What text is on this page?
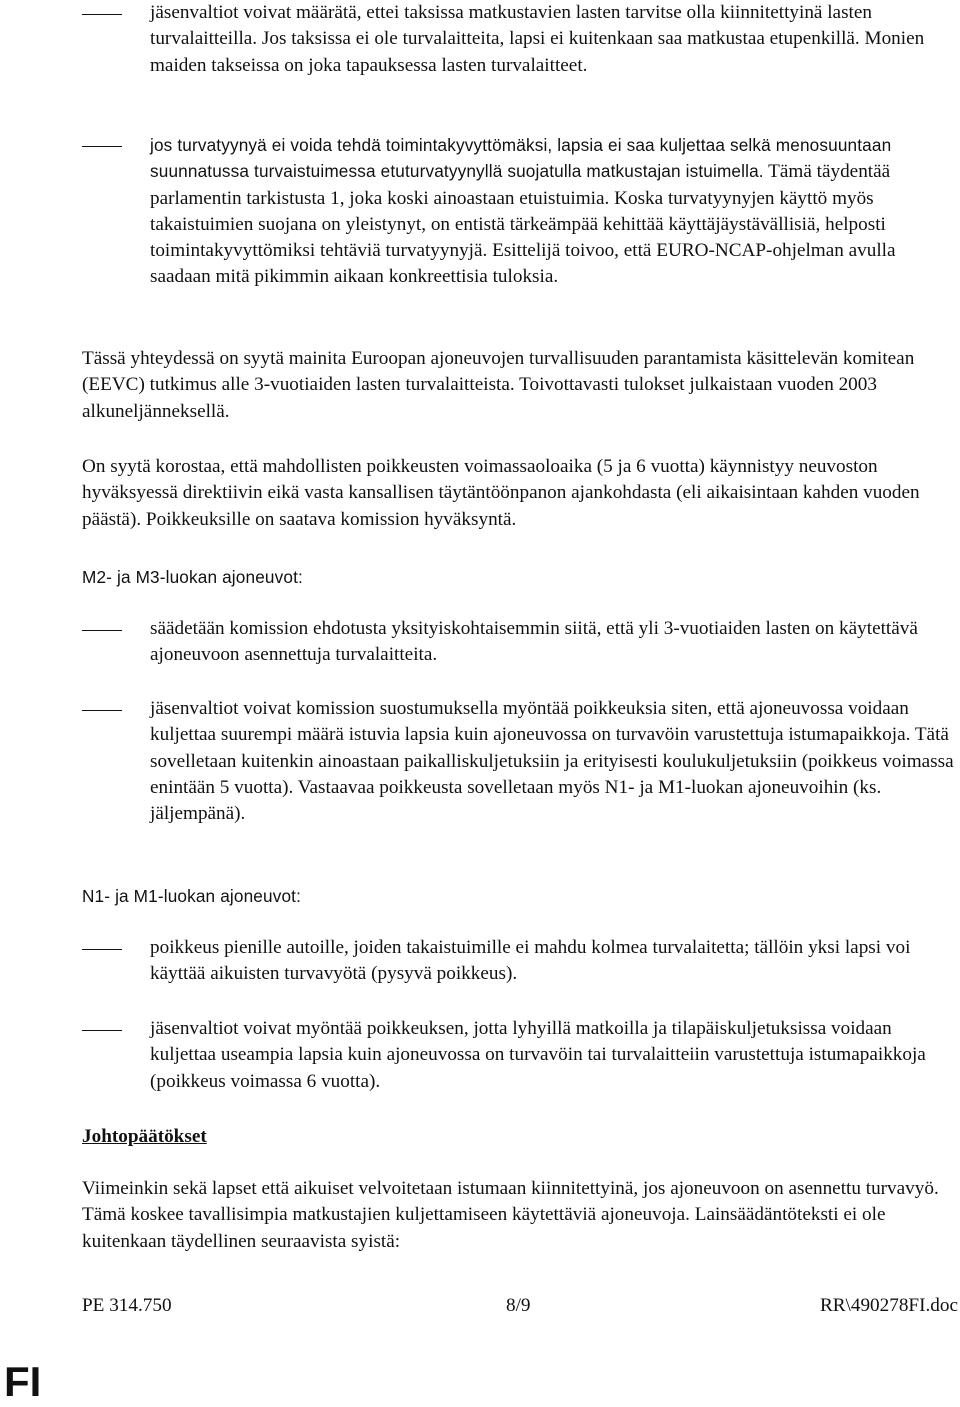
jäsenvaltiot voivat määrätä, ettei taksissa matkustavien lasten tarvitse olla kiinnitettyinä lasten turvalaitteilla. Jos taksissa ei ole turvalaitteita, lapsi ei kuitenkaan saa matkustaa etupenkillä. Monien maiden takseissa on joka tapauksessa lasten turvalaitteet.

jos turvatyynyä ei voida tehdä toimintakyvyttömäksi, lapsia ei saa kuljettaa selkä menosuuntaan suunnatussa turvaistuimessa etuturvatyynyllä suojatulla matkustajan istuimella. Tämä täydentää parlamentin tarkistusta 1, joka koski ainoastaan etuistuimia. Koska turvatyynyjen käyttö myös takaistuimien suojana on yleistynyt, on entistä tärkeämpää kehittää käyttäjäystävällisiä, helposti toimintakyvyttömiksi tehtäviä turvatyynyjä. Esittelijä toivoo, että EURO-NCAP-ohjelman avulla saadaan mitä pikimmin aikaan konkreettisia tuloksia.

Tässä yhteydessä on syytä mainita Euroopan ajoneuvojen turvallisuuden parantamista käsittelevän komitean (EEVC) tutkimus alle 3-vuotiaiden lasten turvalaitteista. Toivottavasti tulokset julkaistaan vuoden 2003 alkuneljänneksellä.

On syytä korostaa, että mahdollisten poikkeusten voimassaoloaika (5 ja 6 vuotta) käynnistyy neuvoston hyväksyessä direktiivin eikä vasta kansallisen täytäntöönpanon ajankohdasta (eli aikaisintaan kahden vuoden päästä). Poikkeuksille on saatava komission hyväksyntä.

M2- ja M3-luokan ajoneuvot:

säädetään komission ehdotusta yksityiskohtaisemmin siitä, että yli 3-vuotiaiden lasten on käytettävä ajoneuvoon asennettuja turvalaitteita.

jäsenvaltiot voivat komission suostumuksella myöntää poikkeuksia siten, että ajoneuvossa voidaan kuljettaa suurempi määrä istuvia lapsia kuin ajoneuvossa on turvavöin varustettuja istumapaikkoja. Tätä sovelletaan kuitenkin ainoastaan paikalliskuljetuksiin ja erityisesti koulukuljetuksiin (poikkeus voimassa enintään 5 vuotta). Vastaavaa poikkeusta sovelletaan myös N1- ja M1-luokan ajoneuvoihin (ks. jäljempänä).

N1- ja M1-luokan ajoneuvot:

poikkeus pienille autoille, joiden takaistuimille ei mahdu kolmea turvalaitetta; tällöin yksi lapsi voi käyttää aikuisten turvavyötä (pysyvä poikkeus).

jäsenvaltiot voivat myöntää poikkeuksen, jotta lyhyillä matkoilla ja tilapäiskuljetuksissa voidaan kuljettaa useampia lapsia kuin ajoneuvossa on turvavöin tai turvalaitteiin varustettuja istumapaikkoja (poikkeus voimassa 6 vuotta).

Johtopäätökset

Viimeinkin sekä lapset että aikuiset velvoitetaan istumaan kiinnitettyinä, jos ajoneuvoon on asennettu turvavyö. Tämä koskee tavallisimpia matkustajien kuljettamiseen käytettäviä ajoneuvoja. Lainsäädäntöteksti ei ole kuitenkaan täydellinen seuraavista syistä:

PE 314.750	8/9	RR\490278FI.doc
FI
